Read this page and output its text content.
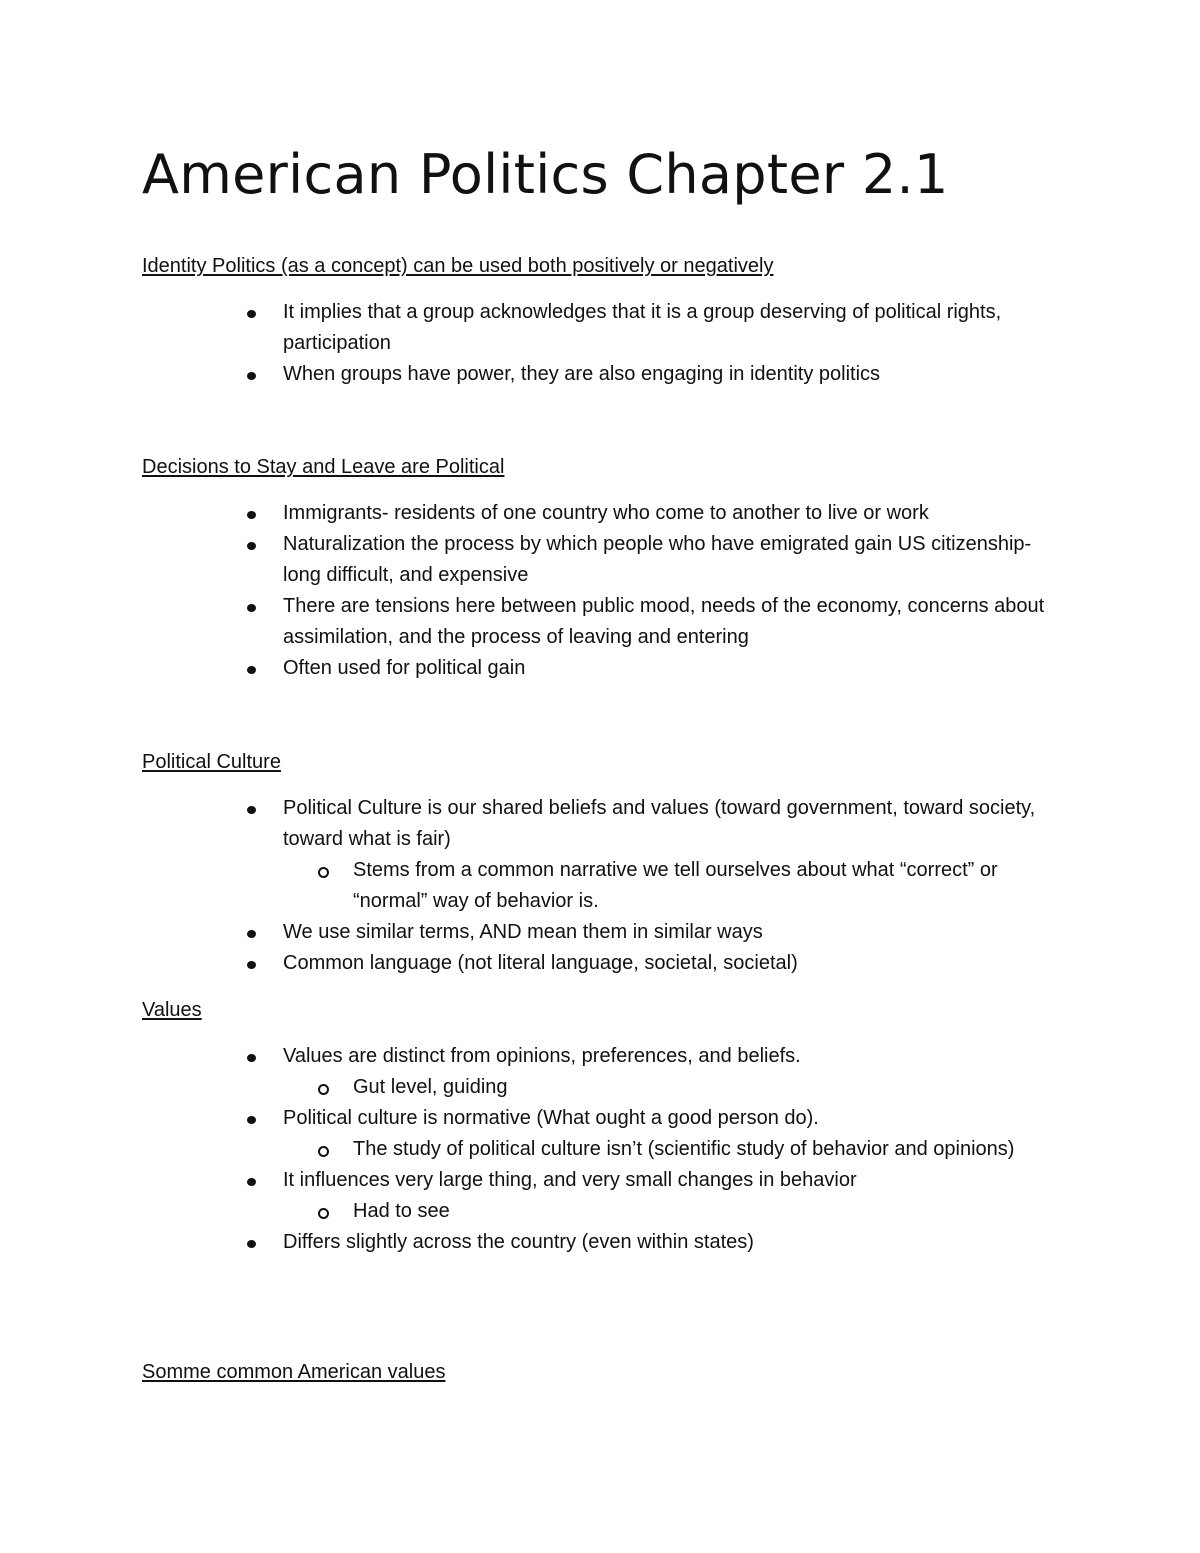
American Politics Chapter 2.1
Identity Politics (as a concept) can be used both positively or negatively
It implies that a group acknowledges that it is a group deserving of political rights, participation
When groups have power, they are also engaging in identity politics
Decisions to Stay and Leave are Political
Immigrants- residents of one country who come to another to live or work
Naturalization the process by which people who have emigrated gain US citizenship- long difficult, and expensive
There are tensions here between public mood, needs of the economy, concerns about assimilation, and the process of leaving and entering
Often used for political gain
Political Culture
Political Culture is our shared beliefs and values (toward government, toward society, toward what is fair)
Stems from a common narrative we tell ourselves about what “correct” or “normal” way of behavior is.
We use similar terms, AND mean them in similar ways
Common language (not literal language, societal, societal)
Values
Values are distinct from opinions, preferences, and beliefs.
Gut level, guiding
Political culture is normative (What ought a good person do).
The study of political culture isn’t (scientific study of behavior and opinions)
It influences very large thing, and very small changes in behavior
Had to see
Differs slightly across the country (even within states)
Somme common American values
